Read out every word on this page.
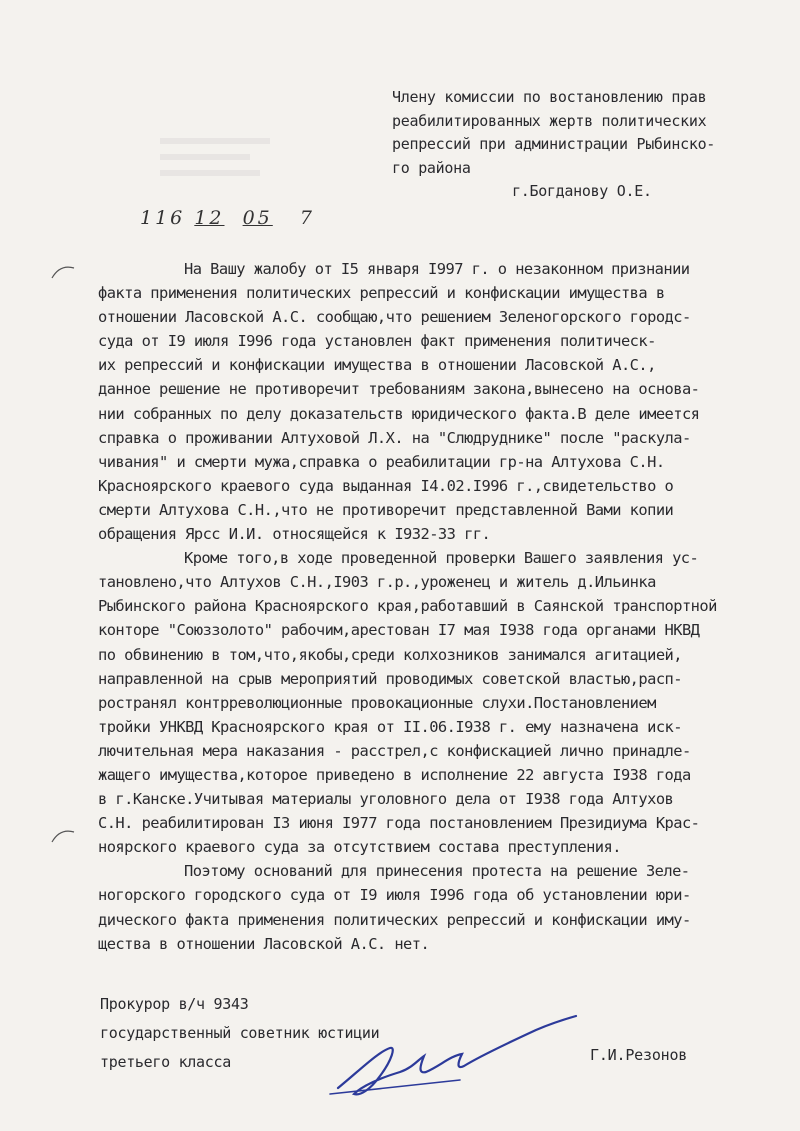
Члену комиссии по востановлению прав
реабилитированных жертв политических
репрессий при администрации Рыбинско-
го района
г.Богданову О.Е.
116 12 05 7
На Вашу жалобу от I5 января I997 г. о незаконном признании
факта применения политических репрессий и конфискации имущества в
отношении Ласовской А.С. сообщаю,что решением Зеленогорского городс-
суда от I9 июля I996 года установлен факт применения политическ-
их репрессий и конфискации имущества в отношении Ласовской А.С.,
данное решение не противоречит требованиям закона,вынесено на основа-
нии собранных по делу доказательств юридического факта.В деле имеется
справка о проживании Алтуховой Л.Х. на "Слюдруднике" после "раскула-
чивания" и смерти мужа,справка о реабилитации гр-на Алтухова С.Н.
Красноярского краевого суда выданная I4.02.I996 г.,свидетельство о
смерти Алтухова С.Н.,что не противоречит представленной Вами копии
обращения Ярсс И.И. относящейся к I932-33 гг.
Кроме того,в ходе проведенной проверки Вашего заявления ус-
тановлено,что Алтухов С.Н.,I903 г.р.,уроженец и житель д.Ильинка
Рыбинского района Красноярского края,работавший в Саянской транспортной
конторе "Союззолото" рабочим,арестован I7 мая I938 года органами НКВД
по обвинению в том,что,якобы,среди колхозников занимался агитацией,
направленной на срыв мероприятий проводимых советской властью,расп-
ространял контрреволюционные провокационные слухи.Постановлением
тройки УНКВД Красноярского края от II.06.I938 г. ему назначена иск-
лючительная мера наказания - расстрел,с конфискацией лично принадле-
жащего имущества,которое приведено в исполнение 22 августа I938 года
в г.Канске.Учитывая материалы уголовного дела от I938 года Алтухов
С.Н. реабилитирован I3 июня I977 года постановлением Президиума Крас-
ноярского краевого суда за отсутствием состава преступления.
Поэтому оснований для принесения протеста на решение Зеле-
ногорского городского суда от I9 июля I996 года об установлении юри-
дического факта применения политических репрессий и конфискации иму-
щества в отношении Ласовской А.С. нет.
Прокурор в/ч 9343
государственный советник юстиции
третьего класса	Г.И.Резонов
